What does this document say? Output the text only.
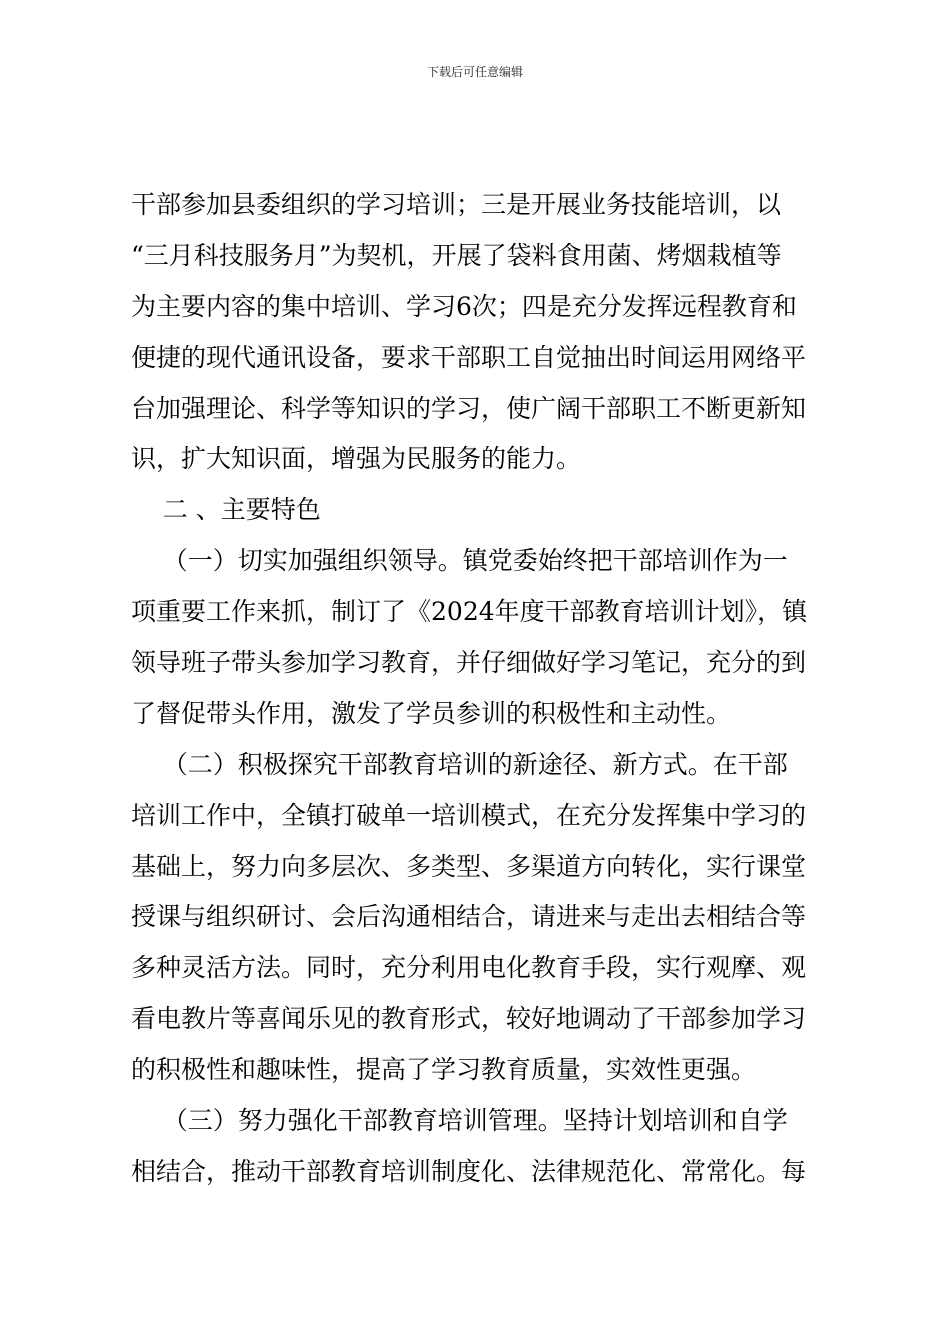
下载后可任意编辑
干部参加县委组织的学习培训；三是开展业务技能培训，以
“三月科技服务月”为契机，开展了袋料食用菌、烤烟栽植等
为主要内容的集中培训、学习6次；四是充分发挥远程教育和
便捷的现代通讯设备，要求干部职工自觉抽出时间运用网络平
台加强理论、科学等知识的学习，使广阔干部职工不断更新知
识，扩大知识面，增强为民服务的能力。
二 、主要特色
（一）切实加强组织领导。镇党委始终把干部培训作为一
项重要工作来抓，制订了《2024年度干部教育培训计划》，镇
领导班子带头参加学习教育，并仔细做好学习笔记，充分的到
了督促带头作用，激发了学员参训的积极性和主动性。
（二）积极探究干部教育培训的新途径、新方式。在干部
培训工作中，全镇打破单一培训模式，在充分发挥集中学习的
基础上，努力向多层次、多类型、多渠道方向转化，实行课堂
授课与组织研讨、会后沟通相结合，请进来与走出去相结合等
多种灵活方法。同时，充分利用电化教育手段，实行观摩、观
看电教片等喜闻乐见的教育形式，较好地调动了干部参加学习
的积极性和趣味性，提高了学习教育质量，实效性更强。
（三）努力强化干部教育培训管理。坚持计划培训和自学
相结合，推动干部教育培训制度化、法律规范化、常常化。每
